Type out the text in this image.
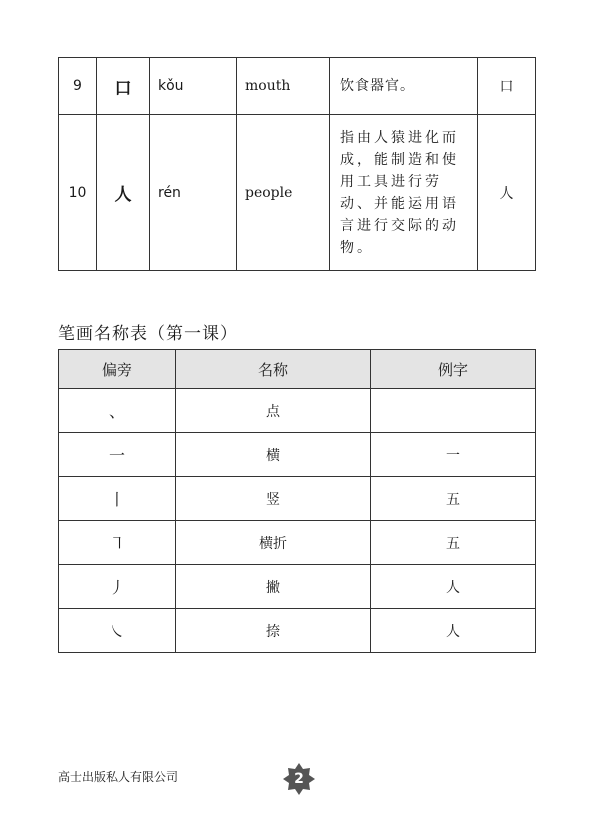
9	口	kǒu	mouth	饮食器官。	口
10	人	rén	people	指由人猿进化而成，能制造和使用工具进行劳动、并能运用语言进行交际的动物。	人
笔画名称表（第一课）
偏旁	名称	例字
、	点	
一	横	一
丨	竖	五
㇕	横折	五
丿	撇	人
㇏	捺	人
高士出版私人有限公司	2
